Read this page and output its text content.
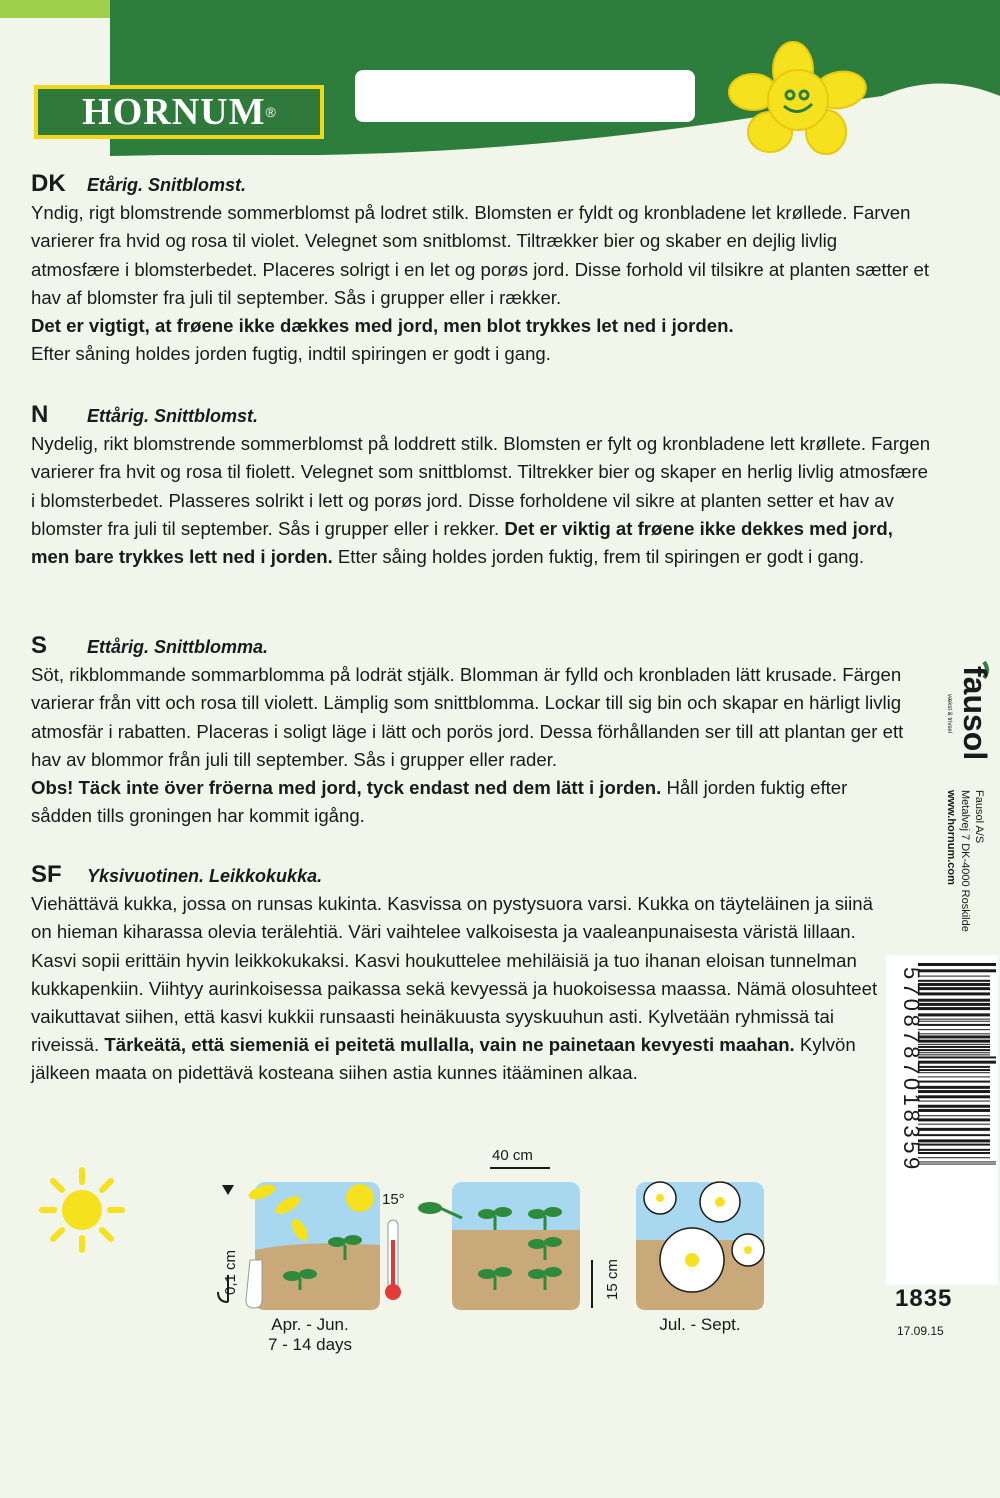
HORNUM ®
DK	Etårig. Snitblomst.

Yndig, rigt blomstrende sommerblomst på lodret stilk. Blomsten er fyldt og kronbladene let krøllede. Farven varierer fra hvid og rosa til violet. Velegnet som snitblomst. Tiltrækker bier og skaber en dejlig livlig atmosfære i blomsterbedet. Placeres solrigt i en let og porøs jord. Disse forhold vil tilsikre at planten sætter et hav af blomster fra juli til september. Sås i grupper eller i rækker.
Det er vigtigt, at frøene ikke dækkes med jord, men blot trykkes let ned i jorden.
Efter såning holdes jorden fugtig, indtil spiringen er godt i gang.

N	Ettårig. Snittblomst.

Nydelig, rikt blomstrende sommerblomst på loddrett stilk. Blomsten er fylt og kronbladene lett krøllete. Fargen varierer fra hvit og rosa til fiolett. Velegnet som snittblomst. Tiltrekker bier og skaper en herlig livlig atmosfære i blomsterbedet. Plasseres solrikt i lett og porøs jord. Disse forholdene vil sikre at planten setter et hav av blomster fra juli til september. Sås i grupper eller i rekker. Det er viktig at frøene ikke dekkes med jord, men bare trykkes lett ned i jorden. Etter såing holdes jorden fuktig, frem til spiringen er godt i gang.

S	Ettårig. Snittblomma.

Söt, rikblommande sommarblomma på lodrät stjälk. Blomman är fylld och kronbladen lätt krusade. Färgen varierar från vitt och rosa till violett. Lämplig som snittblomma. Lockar till sig bin och skapar en härligt livlig atmosfär i rabatten. Placeras i soligt läge i lätt och porös jord. Dessa förhållanden ser till att plantan ger ett hav av blommor från juli till september. Sås i grupper eller rader.
Obs! Täck inte över fröerna med jord, tyck endast ned dem lätt i jorden. Håll jorden fuktig efter sådden tills groningen har kommit igång.

SF	Yksivuotinen. Leikkokukka.

Viehättävä kukka, jossa on runsas kukinta. Kasvissa on pystysuora varsi. Kukka on täyteläinen ja siinä on hieman kiharassa olevia terälehtiä. Väri vaihtelee valkoisesta ja vaaleanpunaisesta väristä lillaan. Kasvi sopii erittäin hyvin leikkokukaksi. Kasvi houkuttelee mehiläisiä ja tuo ihanan eloisan tunnelman kukkapenkiin. Viihtyy aurinkoisessa paikassa sekä kevyessä ja huokoisessa maassa. Nämä olosuhteet vaikuttavat siihen, että kasvi kukkii runsaasti heinäkuusta syyskuuhun asti. Kylvetään ryhmissä tai riveissä. Tärkeätä, että siemeniä ei peitetä mullalla, vain ne painetaan kevyesti maahan. Kylvön jälkeen maata on pidettävä kosteana siihen astia kunnes itääminen alkaa.

fausol
vækst & trivsel
Fausol A/S
Metalvej 7 DK-4000 Roskilde
www.hornum.com
5708787018359
1835
17.09.15
0,1 cm
15°
40 cm
15 cm
Apr. - Jun.
7 - 14 days
Jul. - Sept.
